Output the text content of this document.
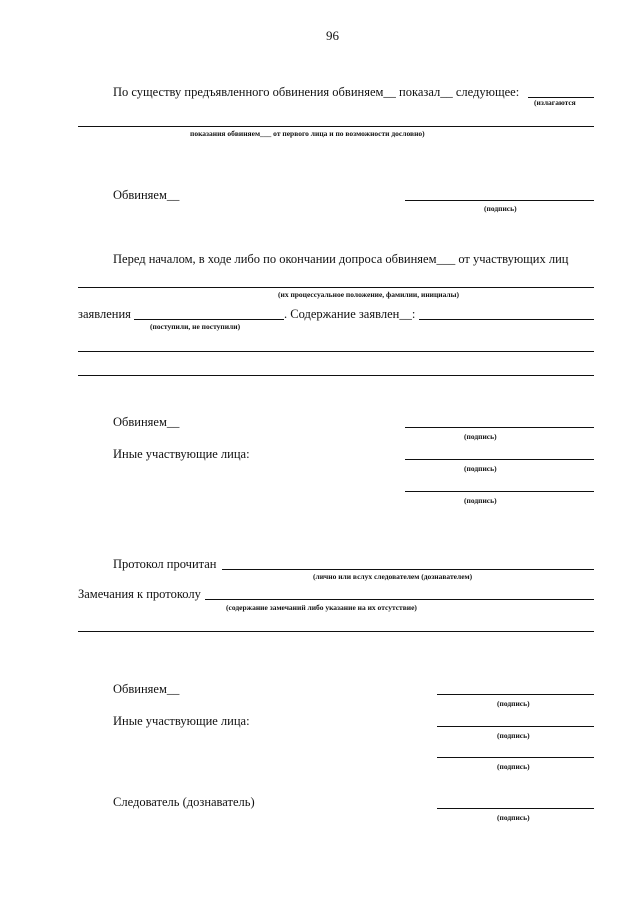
96
По существу предъявленного обвинения обвиняем__ показал__ следующее:
(излагаются
показания обвиняем___ от первого лица и по возможности дословно)
Обвиняем__
(подпись)
Перед началом, в ходе либо по окончании допроса обвиняем___ от участвующих лиц
(их процессуальное положение, фамилии, инициалы)
заявления	. Содержание заявлен__:
(поступили, не поступили)
Обвиняем__
(подпись)
Иные участвующие лица:
(подпись)
(подпись)
Протокол прочитан
(лично или вслух следователем (дознавателем)
Замечания к протоколу
(содержание замечаний либо указание на их отсутствие)
Обвиняем__
(подпись)
Иные участвующие лица:
(подпись)
(подпись)
Следователь (дознаватель)
(подпись)
